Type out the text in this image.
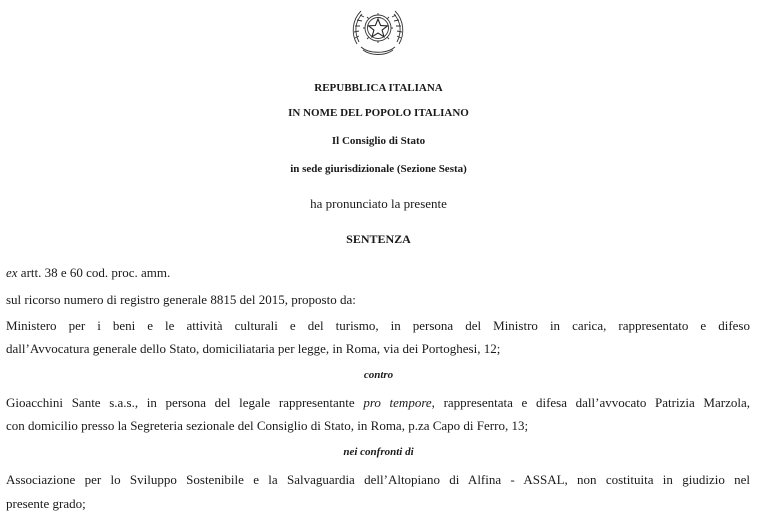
REPUBBLICA ITALIANA
IN NOME DEL POPOLO ITALIANO
Il Consiglio di Stato
in sede giurisdizionale (Sezione Sesta)
ha pronunciato la presente
SENTENZA
ex artt. 38 e 60 cod. proc. amm.
sul ricorso numero di registro generale 8815 del 2015, proposto da:
Ministero per i beni e le attività culturali e del turismo, in persona del Ministro in carica, rappresentato e difeso
dall’Avvocatura generale dello Stato, domiciliataria per legge, in Roma, via dei Portoghesi, 12;
contro
Gioacchini Sante s.a.s., in persona del legale rappresentante pro tempore, rappresentata e difesa dall’avvocato Patrizia Marzola,
con domicilio presso la Segreteria sezionale del Consiglio di Stato, in Roma, p.za Capo di Ferro, 13;
nei confronti di
Associazione per lo Sviluppo Sostenibile e la Salvaguardia dell’Altopiano di Alfina - ASSAL, non costituita in giudizio nel
presente grado;
